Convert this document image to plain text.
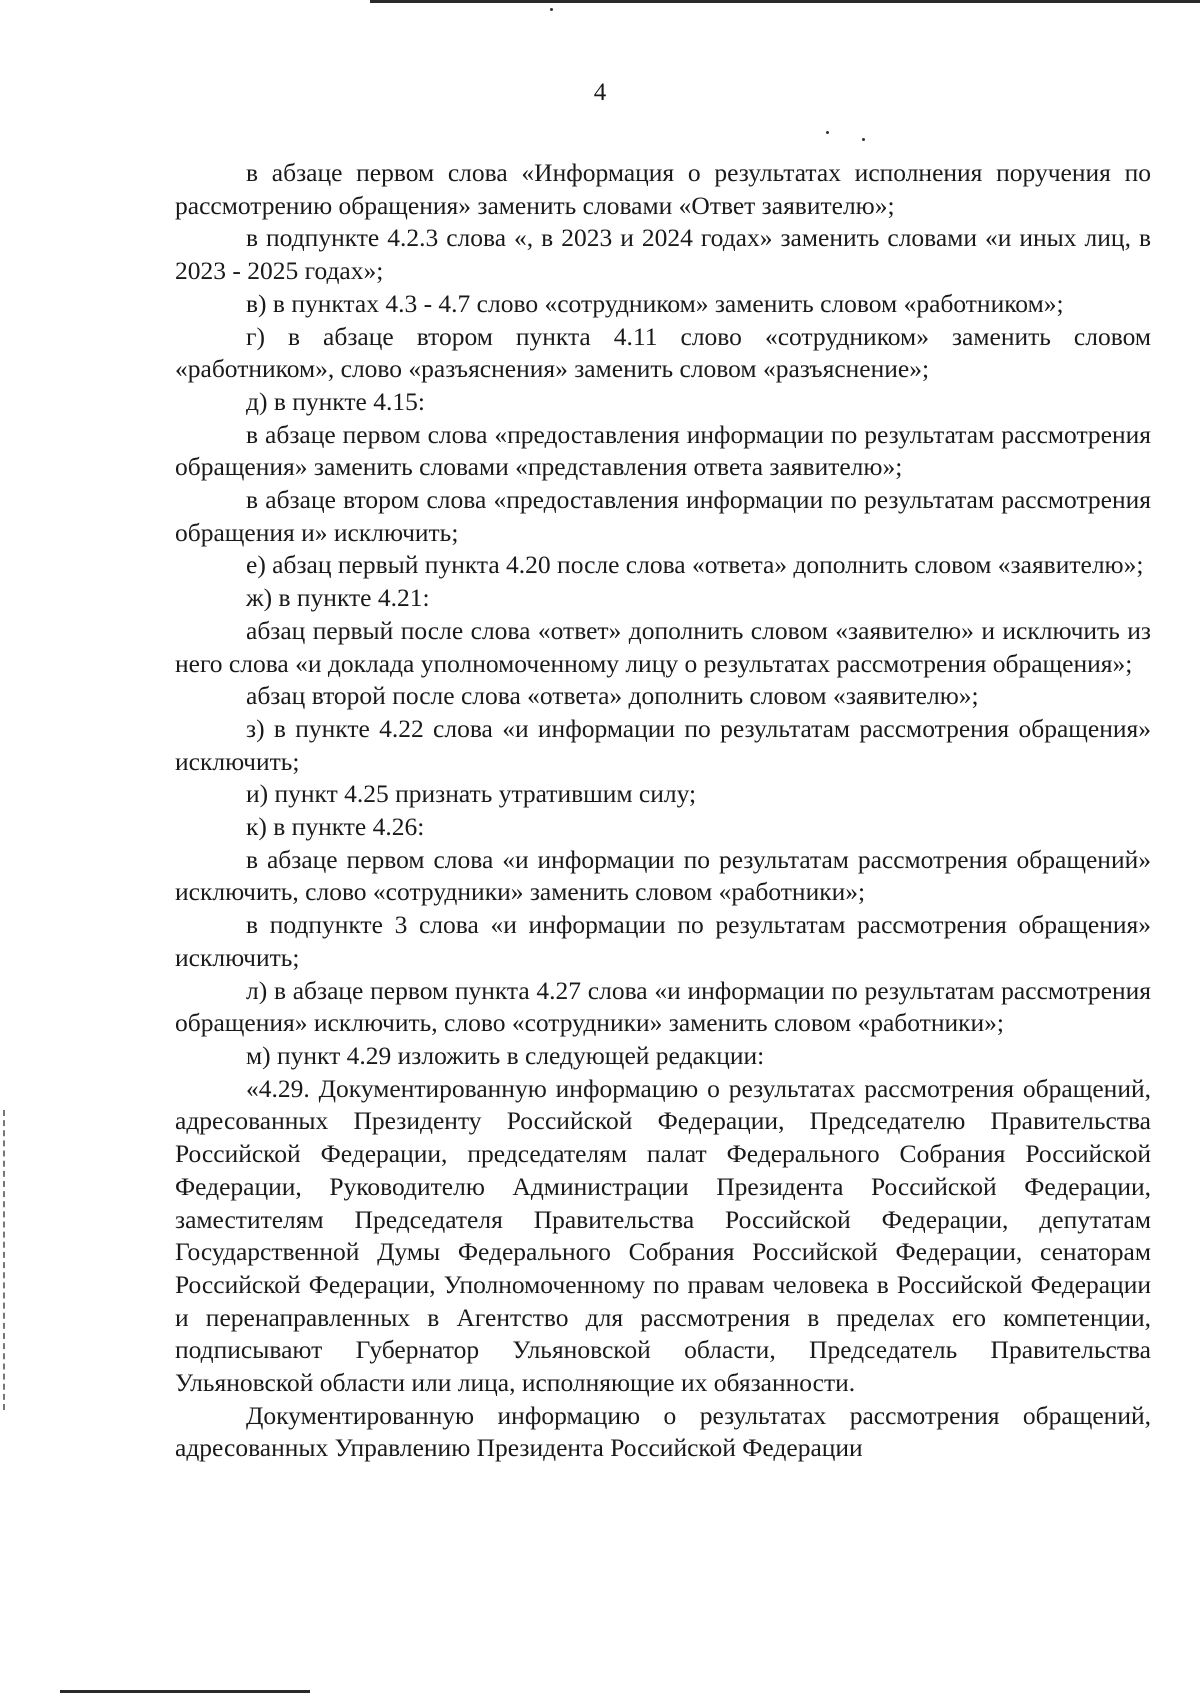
4

в абзаце первом слова «Информация о результатах исполнения поручения по рассмотрению обращения» заменить словами «Ответ заявителю»;

в подпункте 4.2.3 слова «, в 2023 и 2024 годах» заменить словами «и иных лиц, в 2023 - 2025 годах»;

в) в пунктах 4.3 - 4.7 слово «сотрудником» заменить словом «работником»;

г) в абзаце втором пункта 4.11 слово «сотрудником» заменить словом «работником», слово «разъяснения» заменить словом «разъяснение»;

д) в пункте 4.15:

в абзаце первом слова «предоставления информации по результатам рассмотрения обращения» заменить словами «представления ответа заявителю»;

в абзаце втором слова «предоставления информации по результатам рассмотрения обращения и» исключить;

е) абзац первый пункта 4.20 после слова «ответа» дополнить словом «заявителю»;

ж) в пункте 4.21:

абзац первый после слова «ответ» дополнить словом «заявителю» и исключить из него слова «и доклада уполномоченному лицу о результатах рассмотрения обращения»;

абзац второй после слова «ответа» дополнить словом «заявителю»;

з) в пункте 4.22 слова «и информации по результатам рассмотрения обращения» исключить;

и) пункт 4.25 признать утратившим силу;

к) в пункте 4.26:

в абзаце первом слова «и информации по результатам рассмотрения обращений» исключить, слово «сотрудники» заменить словом «работники»;

в подпункте 3 слова «и информации по результатам рассмотрения обращения» исключить;

л) в абзаце первом пункта 4.27 слова «и информации по результатам рассмотрения обращения» исключить, слово «сотрудники» заменить словом «работники»;

м) пункт 4.29 изложить в следующей редакции:

«4.29. Документированную информацию о результатах рассмотрения обращений, адресованных Президенту Российской Федерации, Председателю Правительства Российской Федерации, председателям палат Федерального Собрания Российской Федерации, Руководителю Администрации Президента Российской Федерации, заместителям Председателя Правительства Российской Федерации, депутатам Государственной Думы Федерального Собрания Российской Федерации, сенаторам Российской Федерации, Уполномоченному по правам человека в Российской Федерации и перенаправленных в Агентство для рассмотрения в пределах его компетенции, подписывают Губернатор Ульяновской области, Председатель Правительства Ульяновской области или лица, исполняющие их обязанности.

Документированную информацию о результатах рассмотрения обращений, адресованных Управлению Президента Российской Федерации
